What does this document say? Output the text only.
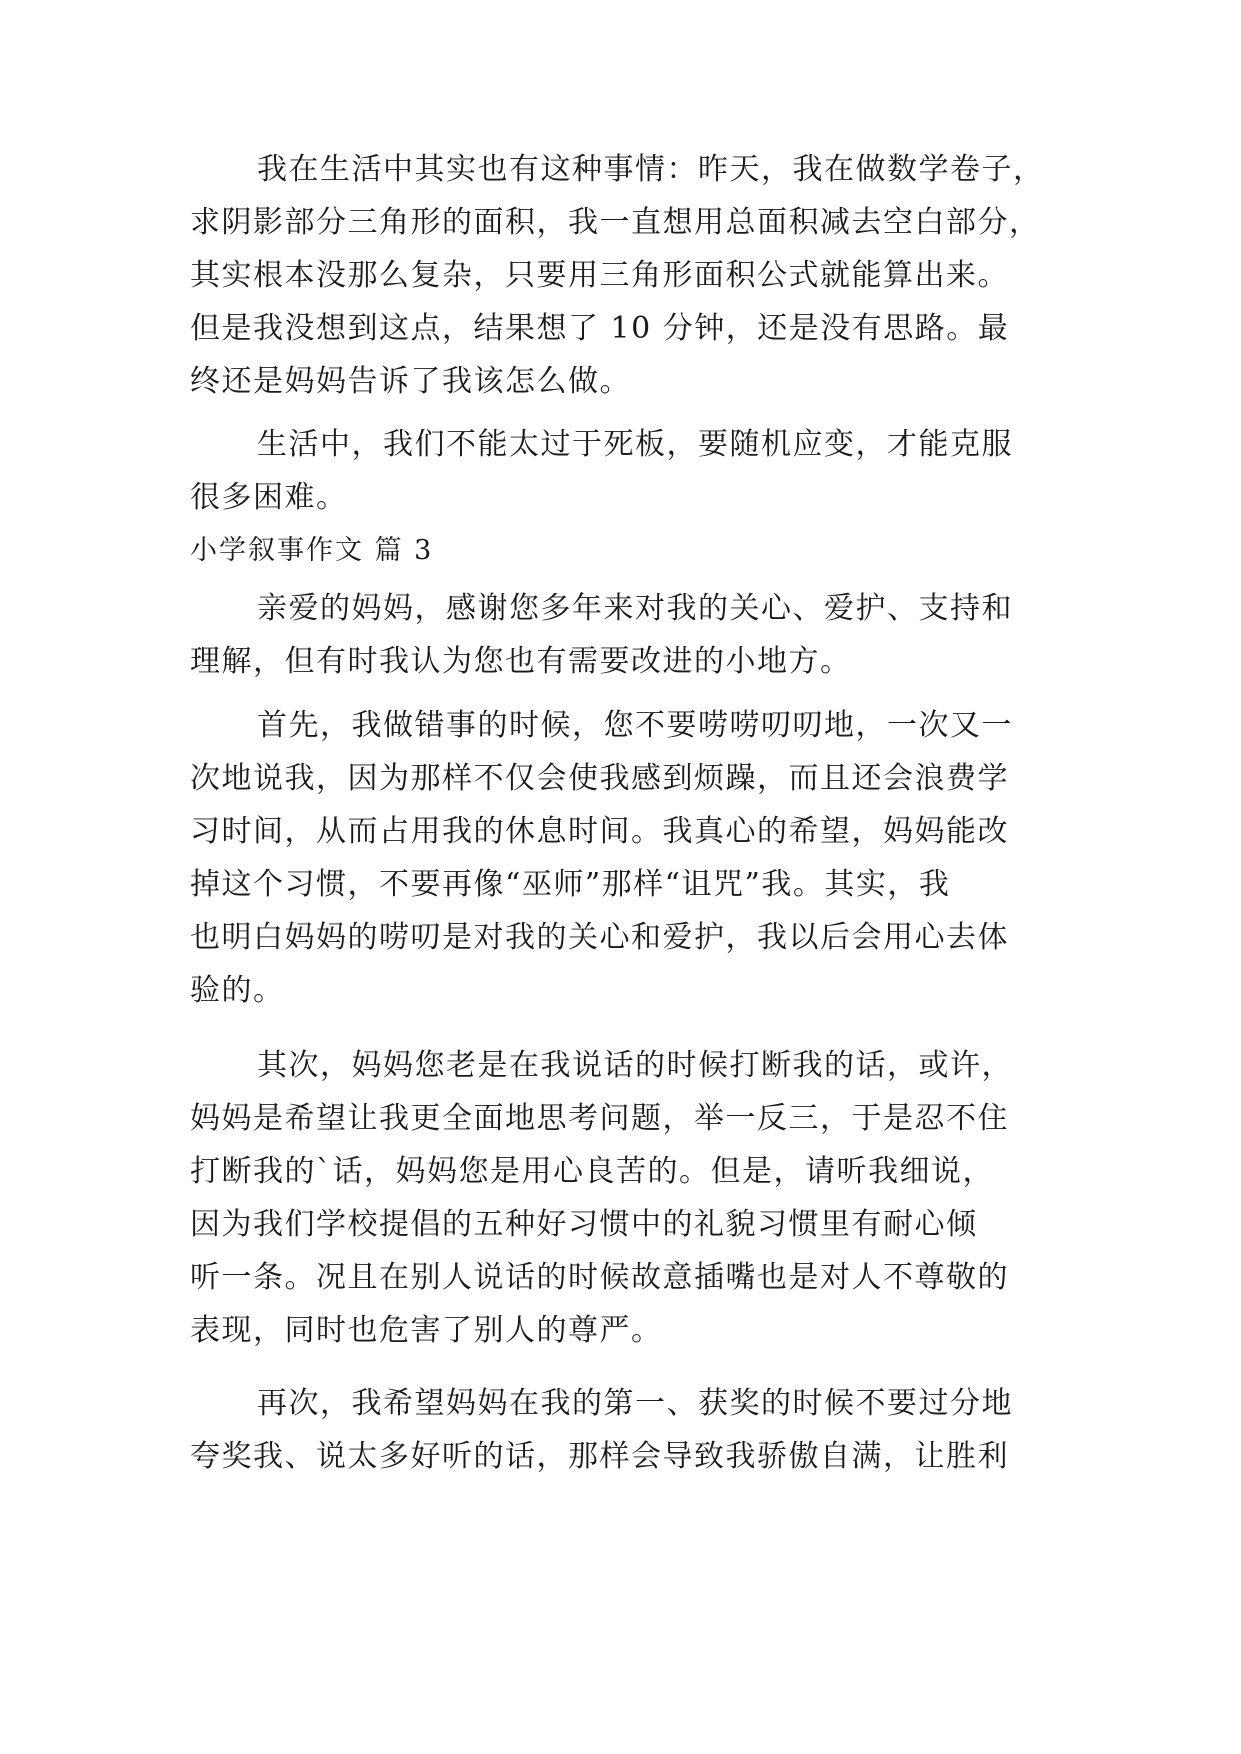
我在生活中其实也有这种事情：昨天，我在做数学卷子，
求阴影部分三角形的面积，我一直想用总面积减去空白部分，
其实根本没那么复杂，只要用三角形面积公式就能算出来。
但是我没想到这点，结果想了 10 分钟，还是没有思路。最
终还是妈妈告诉了我该怎么做。
生活中，我们不能太过于死板，要随机应变，才能克服
很多困难。
小学叙事作文 篇 3
亲爱的妈妈，感谢您多年来对我的关心、爱护、支持和
理解，但有时我认为您也有需要改进的小地方。
首先，我做错事的时候，您不要唠唠叨叨地，一次又一
次地说我，因为那样不仅会使我感到烦躁，而且还会浪费学
习时间，从而占用我的休息时间。我真心的希望，妈妈能改
掉这个习惯，不要再像“巫师”那样“诅咒”我。其实，我
也明白妈妈的唠叨是对我的关心和爱护，我以后会用心去体
验的。
其次，妈妈您老是在我说话的时候打断我的话，或许，
妈妈是希望让我更全面地思考问题，举一反三，于是忍不住
打断我的`话，妈妈您是用心良苦的。但是，请听我细说，
因为我们学校提倡的五种好习惯中的礼貌习惯里有耐心倾
听一条。况且在别人说话的时候故意插嘴也是对人不尊敬的
表现，同时也危害了别人的尊严。
再次，我希望妈妈在我的第一、获奖的时候不要过分地
夸奖我、说太多好听的话，那样会导致我骄傲自满，让胜利
